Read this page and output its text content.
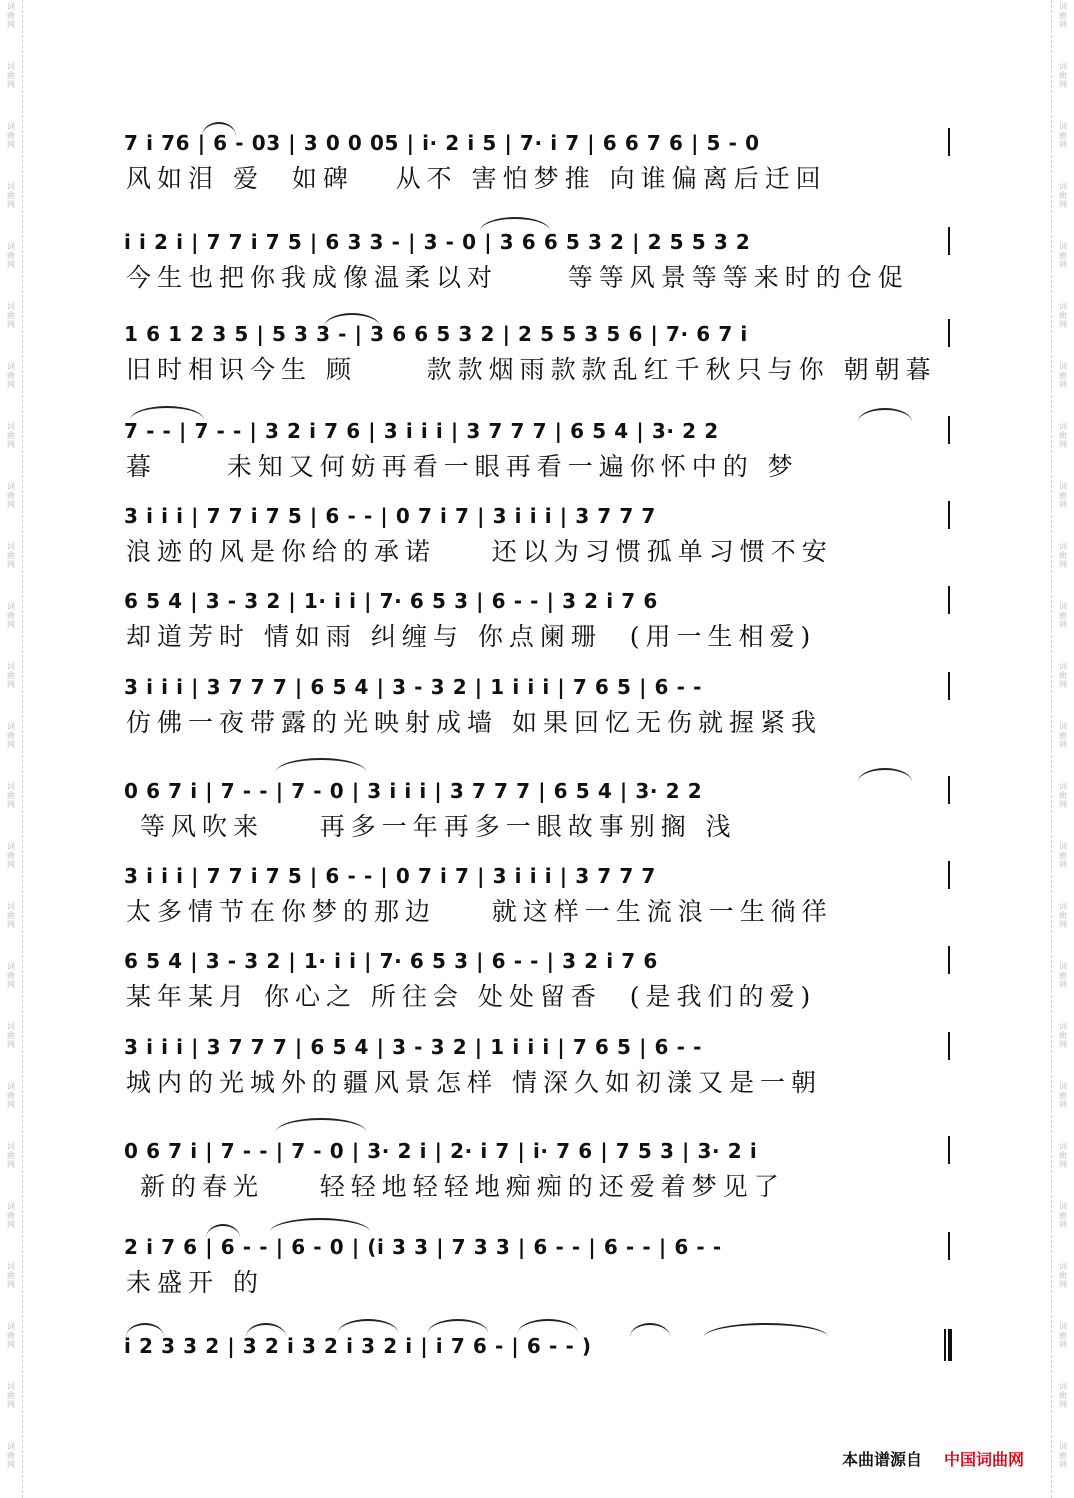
词
曲
网
词
曲
网
词
曲
网
词
曲
网
词
曲
网
词
曲
网
词
曲
网
词
曲
网
词
曲
网
词
曲
网
词
曲
网
词
曲
网
词
曲
网
词
曲
网
词
曲
网
词
曲
网
词
曲
网
词
曲
网
词
曲
网
词
曲
网
词
曲
网
词
曲
网
词
曲
网
词
曲
网
词
曲
网
词
曲
网
词
曲
网
词
曲
网
词
曲
网
词
曲
网
词
曲
网
词
曲
网
词
曲
网
词
曲
网
词
曲
网
词
曲
网
词
曲
网
词
曲
网
词
曲
网
词
曲
网
词
曲
网
词
曲
网
词
曲
网
词
曲
网
词
曲
网
词
曲
网
词
曲
网
词
曲
网
词
曲
网
词
曲
网
7 i 76 | 6 - 03 | 3 0 0 05 | i· 2 i 5 | 7· i 7 | 6 6 7 6 | 5 - 0
风如泪 爱  如碑   从不 害怕梦推 向谁偏离后迁回
i i 2 i | 7 7 i 7 5 | 6 3 3 - | 3 - 0 | 3 6 6 5 3 2 | 2 5 5 3 2
今生也把你我成像温柔以对     等等风景等等来时的仓促
1 6 1 2 3 5 | 5 3 3 - | 3 6 6 5 3 2 | 2 5 5 3 5 6 | 7· 6 7 i
旧时相识今生 顾     款款烟雨款款乱红千秋只与你 朝朝暮
7 - - | 7 - - | 3 2 i 7 6 | 3 i i i | 3 7 7 7 | 6 5 4 | 3· 2 2
暮     未知又何妨再看一眼再看一遍你怀中的 梦
3 i i i | 7 7 i 7 5 | 6 - - | 0 7 i 7 | 3 i i i | 3 7 7 7
浪迹的风是你给的承诺    还以为习惯孤单习惯不安
6 5 4 | 3 - 3 2 | 1· i i | 7· 6 5 3 | 6 - - | 3 2 i 7 6
却道芳时 情如雨 纠缠与 你点阑珊  (用一生相爱)
3 i i i | 3 7 7 7 | 6 5 4 | 3 - 3 2 | 1 i i i | 7 6 5 | 6 - -
仿佛一夜带露的光映射成墙 如果回忆无伤就握紧我
0 6 7 i | 7 - - | 7 - 0 | 3 i i i | 3 7 7 7 | 6 5 4 | 3· 2 2
等风吹来    再多一年再多一眼故事别搁 浅
3 i i i | 7 7 i 7 5 | 6 - - | 0 7 i 7 | 3 i i i | 3 7 7 7
太多情节在你梦的那边    就这样一生流浪一生徜徉
6 5 4 | 3 - 3 2 | 1· i i | 7· 6 5 3 | 6 - - | 3 2 i 7 6
某年某月 你心之 所往会 处处留香  (是我们的爱)
3 i i i | 3 7 7 7 | 6 5 4 | 3 - 3 2 | 1 i i i | 7 6 5 | 6 - -
城内的光城外的疆风景怎样 情深久如初漾又是一朝
0 6 7 i | 7 - - | 7 - 0 | 3· 2 i | 2· i 7 | i· 7 6 | 7 5 3 | 3· 2 i
新的春光    轻轻地轻轻地痴痴的还爱着梦见了
2 i 7 6 | 6 - - | 6 - 0 | (i 3 3 | 7 3 3 | 6 - - | 6 - - | 6 - -
未盛开 的
i 2 3 3 2 | 3 2 i 3 2 i 3 2 i | i 7 6 - | 6 - - )
本曲谱源自 中国词曲网
